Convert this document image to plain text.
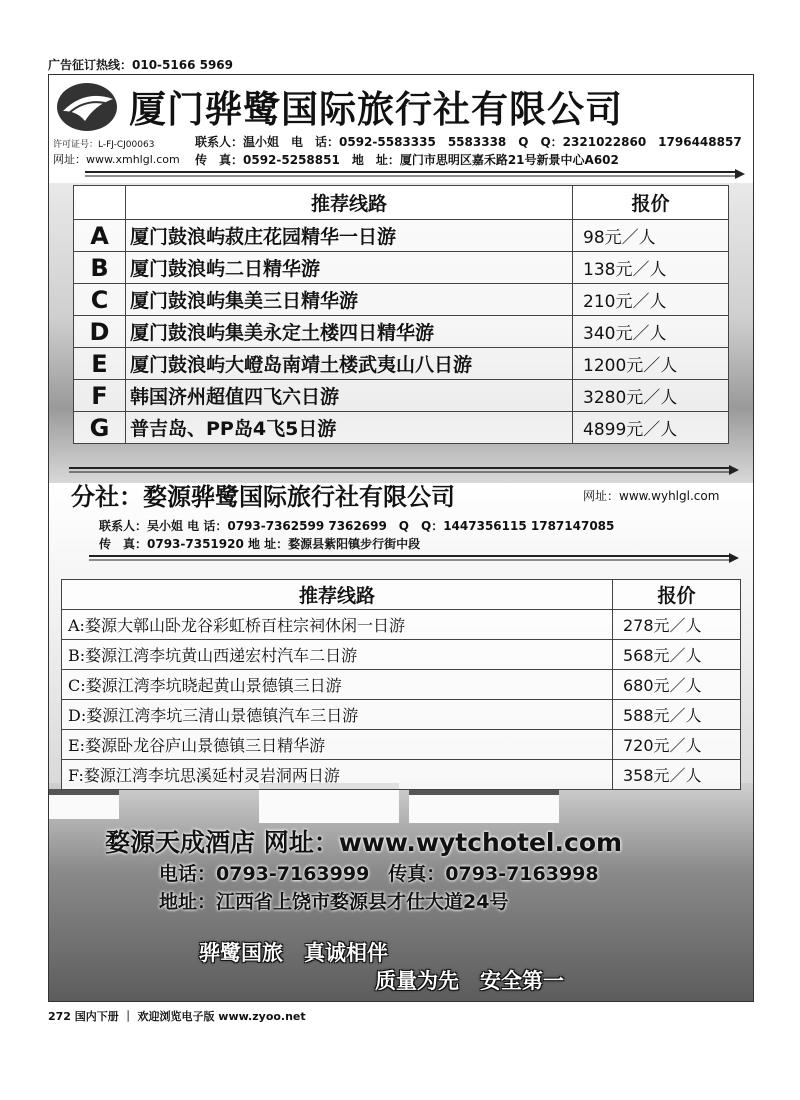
广告征订热线：010-5166 5969
厦门骅鹭国际旅行社有限公司
许可证号：L-FJ-CJ00063
网址：www.xmhlgl.com
联系人：温小姐　电　话：0592-5583335　5583338　Q　Q：2321022860　1796448857
传　真：0592-5258851　地　址：厦门市思明区嘉禾路21号新景中心A602
	推荐线路	报价
A	厦门鼓浪屿菽庄花园精华一日游	98元／人
B	厦门鼓浪屿二日精华游	138元／人
C	厦门鼓浪屿集美三日精华游	210元／人
D	厦门鼓浪屿集美永定土楼四日精华游	340元／人
E	厦门鼓浪屿大嶝岛南靖土楼武夷山八日游	1200元／人
F	韩国济州超值四飞六日游	3280元／人
G	普吉岛、PP岛4飞5日游	4899元／人
分社：婺源骅鹭国际旅行社有限公司	网址：www.wyhlgl.com
联系人：吴小姐 电 话：0793-7362599 7362699　Q　Q：1447356115 1787147085
传　真：0793-7351920 地 址：婺源县紫阳镇步行街中段
推荐线路	报价
A:婺源大鄣山卧龙谷彩虹桥百柱宗祠休闲一日游	278元／人
B:婺源江湾李坑黄山西递宏村汽车二日游	568元／人
C:婺源江湾李坑晓起黄山景德镇三日游	680元／人
D:婺源江湾李坑三清山景德镇汽车三日游	588元／人
E:婺源卧龙谷庐山景德镇三日精华游	720元／人
F:婺源江湾李坑思溪延村灵岩洞两日游	358元／人
婺源天成酒店 网址：www.wytchotel.com
电话：0793-7163999　传真：0793-7163998
地址：江西省上饶市婺源县才仕大道24号
骅鹭国旅　真诚相伴
质量为先　安全第一
272 国内下册 ｜ 欢迎浏览电子版 www.zyoo.net
